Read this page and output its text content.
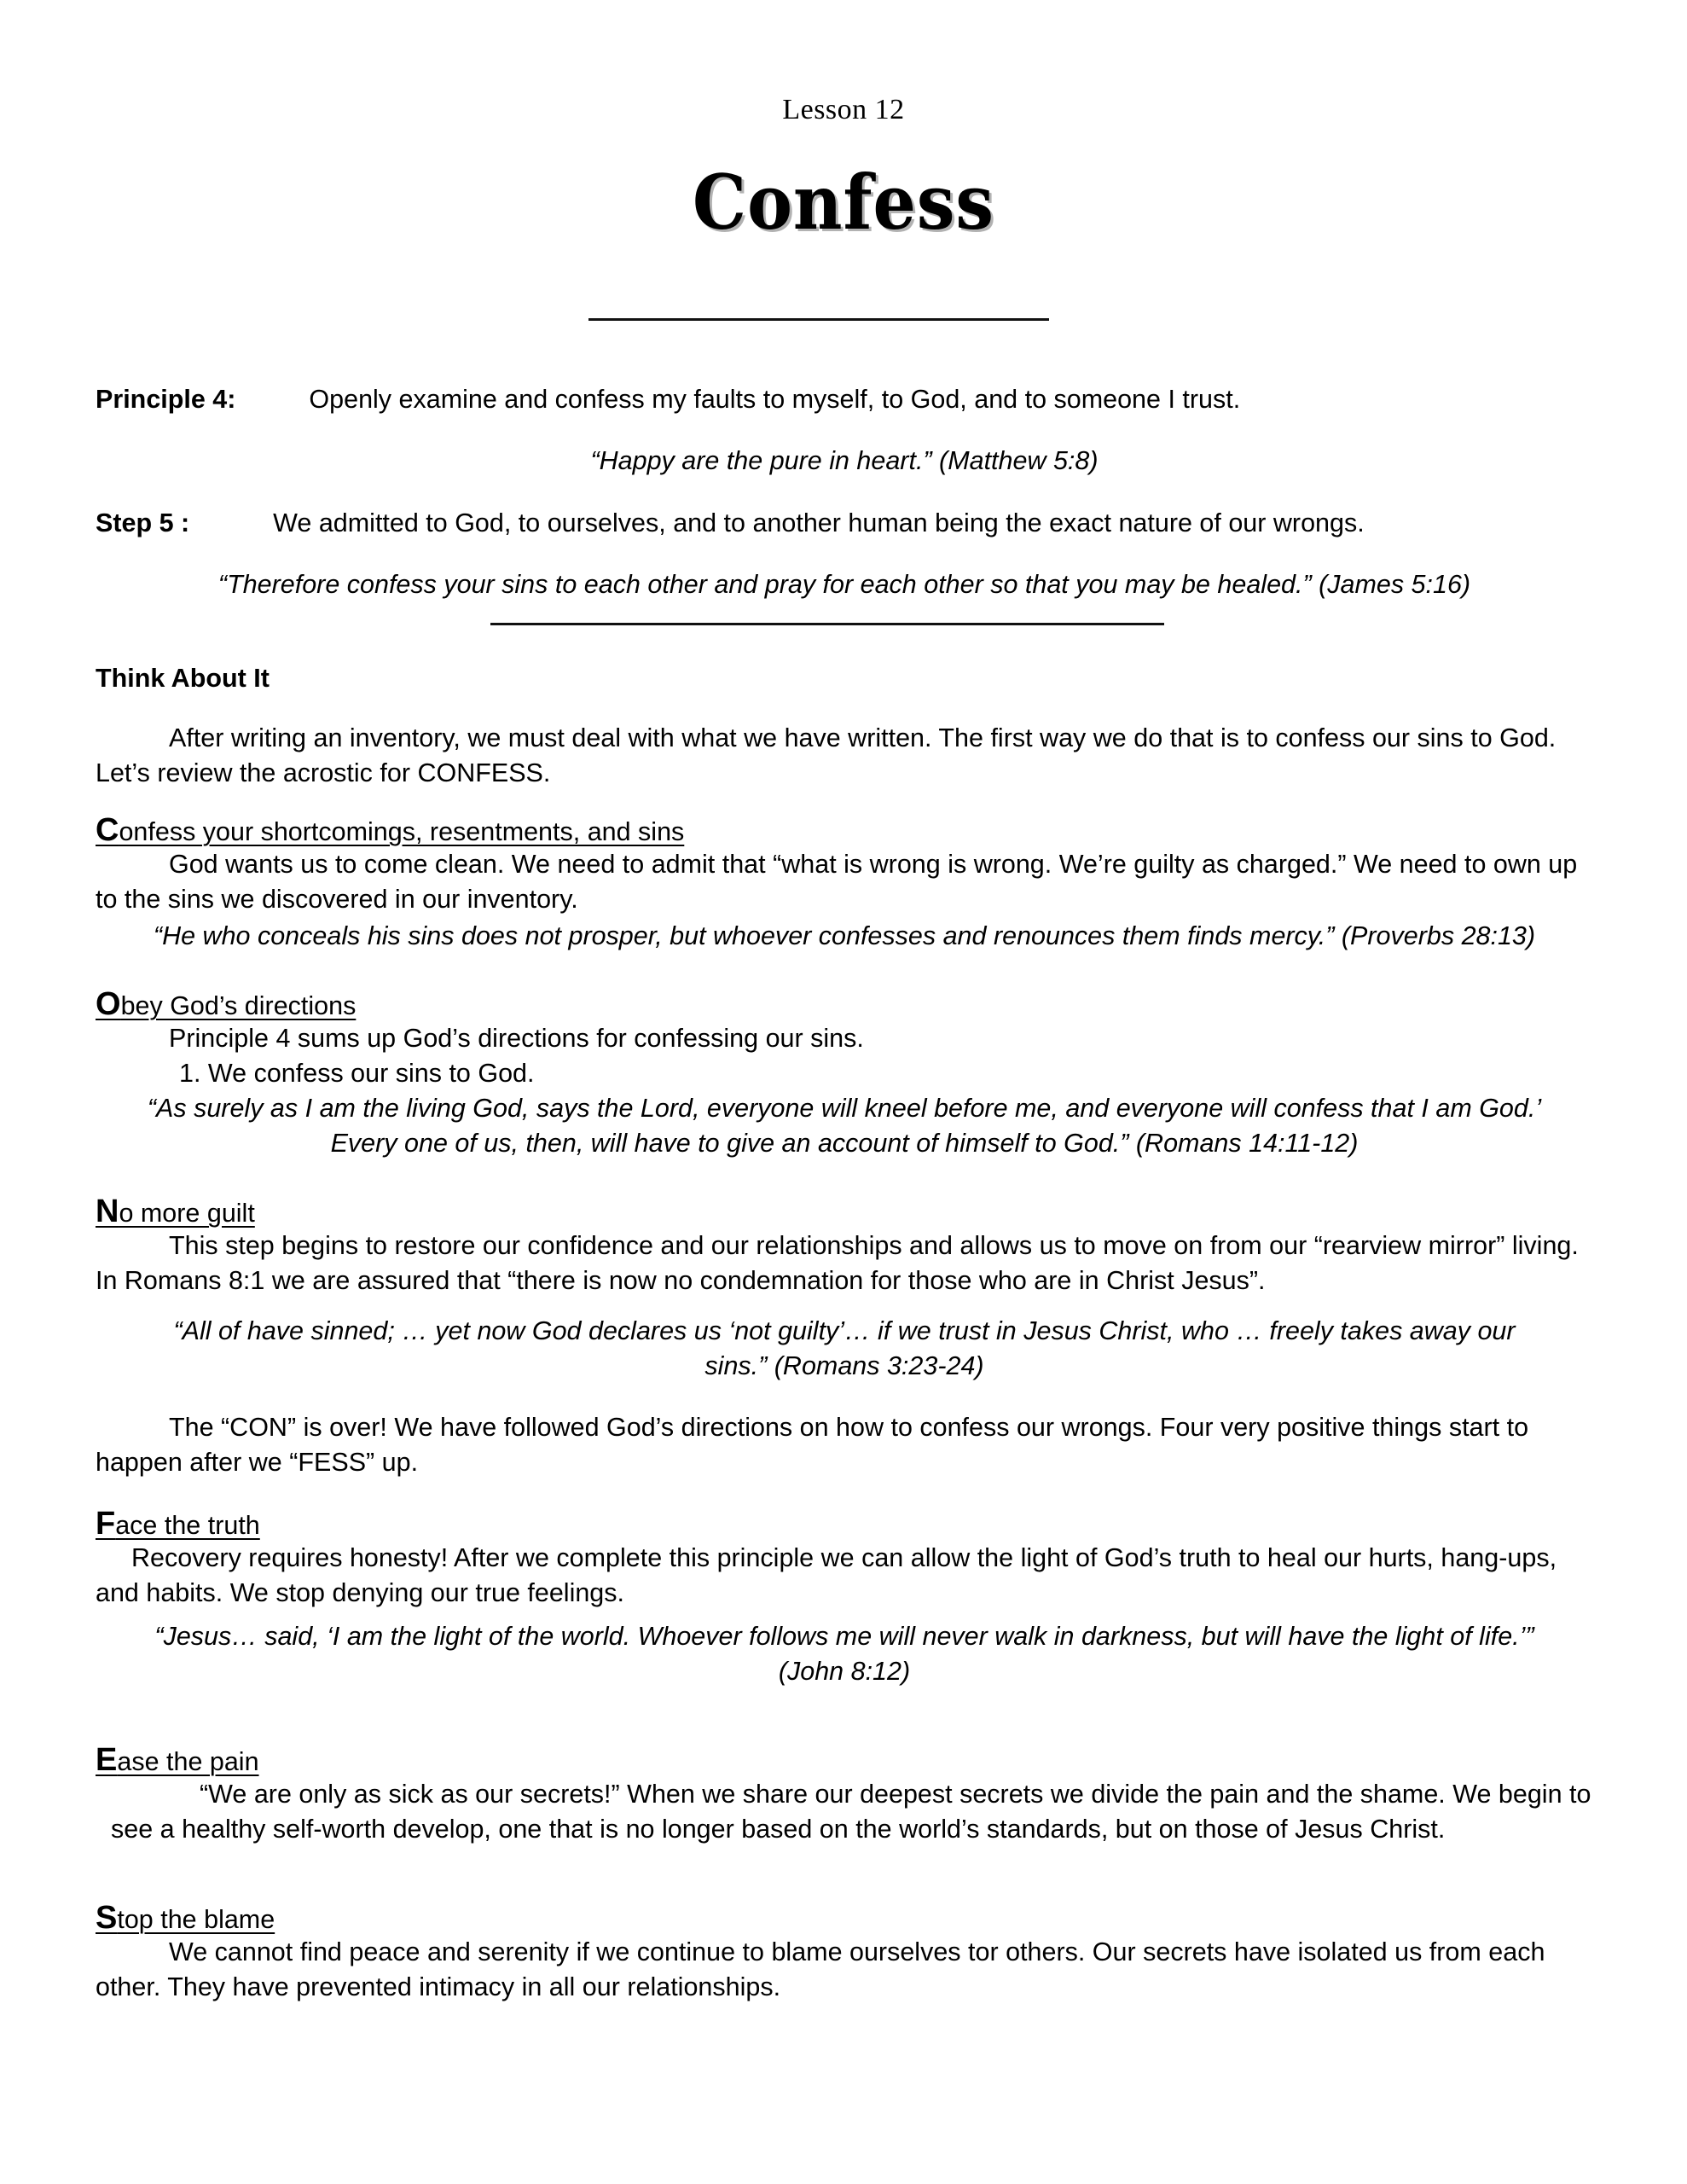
Lesson 12
Confess
Principle 4:	Openly examine and confess my faults to myself, to God, and to someone I trust.
“Happy are the pure in heart.” (Matthew 5:8)
Step 5 :	We admitted to God, to ourselves, and to another human being the exact nature of our wrongs.
“Therefore confess your sins to each other and pray for each other so that you may be healed.” (James 5:16)
Think About It
After writing an inventory, we must deal with what we have written. The first way we do that is to confess our sins to God. Let’s review the acrostic for CONFESS.
Confess your shortcomings, resentments, and sins
God wants us to come clean. We need to admit that “what is wrong is wrong. We’re guilty as charged.” We need to own up to the sins we discovered in our inventory.
“He who conceals his sins does not prosper, but whoever confesses and renounces them finds mercy.” (Proverbs 28:13)
Obey God’s directions
Principle 4 sums up God’s directions for confessing our sins.
1. We confess our sins to God.
“As surely as I am the living God, says the Lord, everyone will kneel before me, and everyone will confess that I am God.’
Every one of us, then, will have to give an account of himself to God.” (Romans 14:11-12)
No more guilt
This step begins to restore our confidence and our relationships and allows us to move on from our “rearview mirror” living. In Romans 8:1 we are assured that “there is now no condemnation for those who are in Christ Jesus”.
“All of have sinned; … yet now God declares us ‘not guilty’… if we trust in Jesus Christ, who … freely takes away our
sins.” (Romans 3:23-24)
The “CON” is over! We have followed God’s directions on how to confess our wrongs. Four very positive things start to happen after we “FESS” up.
Face the truth
Recovery requires honesty! After we complete this principle we can allow the light of God’s truth to heal our hurts, hang-ups, and habits. We stop denying our true feelings.
“Jesus… said, ‘I am the light of the world. Whoever follows me will never walk in darkness, but will have the light of life.’”
(John 8:12)
Ease the pain
“We are only as sick as our secrets!” When we share our deepest secrets we divide the pain and the shame. We begin to see a healthy self-worth develop, one that is no longer based on the world’s standards, but on those of Jesus Christ.
Stop the blame
We cannot find peace and serenity if we continue to blame ourselves tor others. Our secrets have isolated us from each other. They have prevented intimacy in all our relationships.
